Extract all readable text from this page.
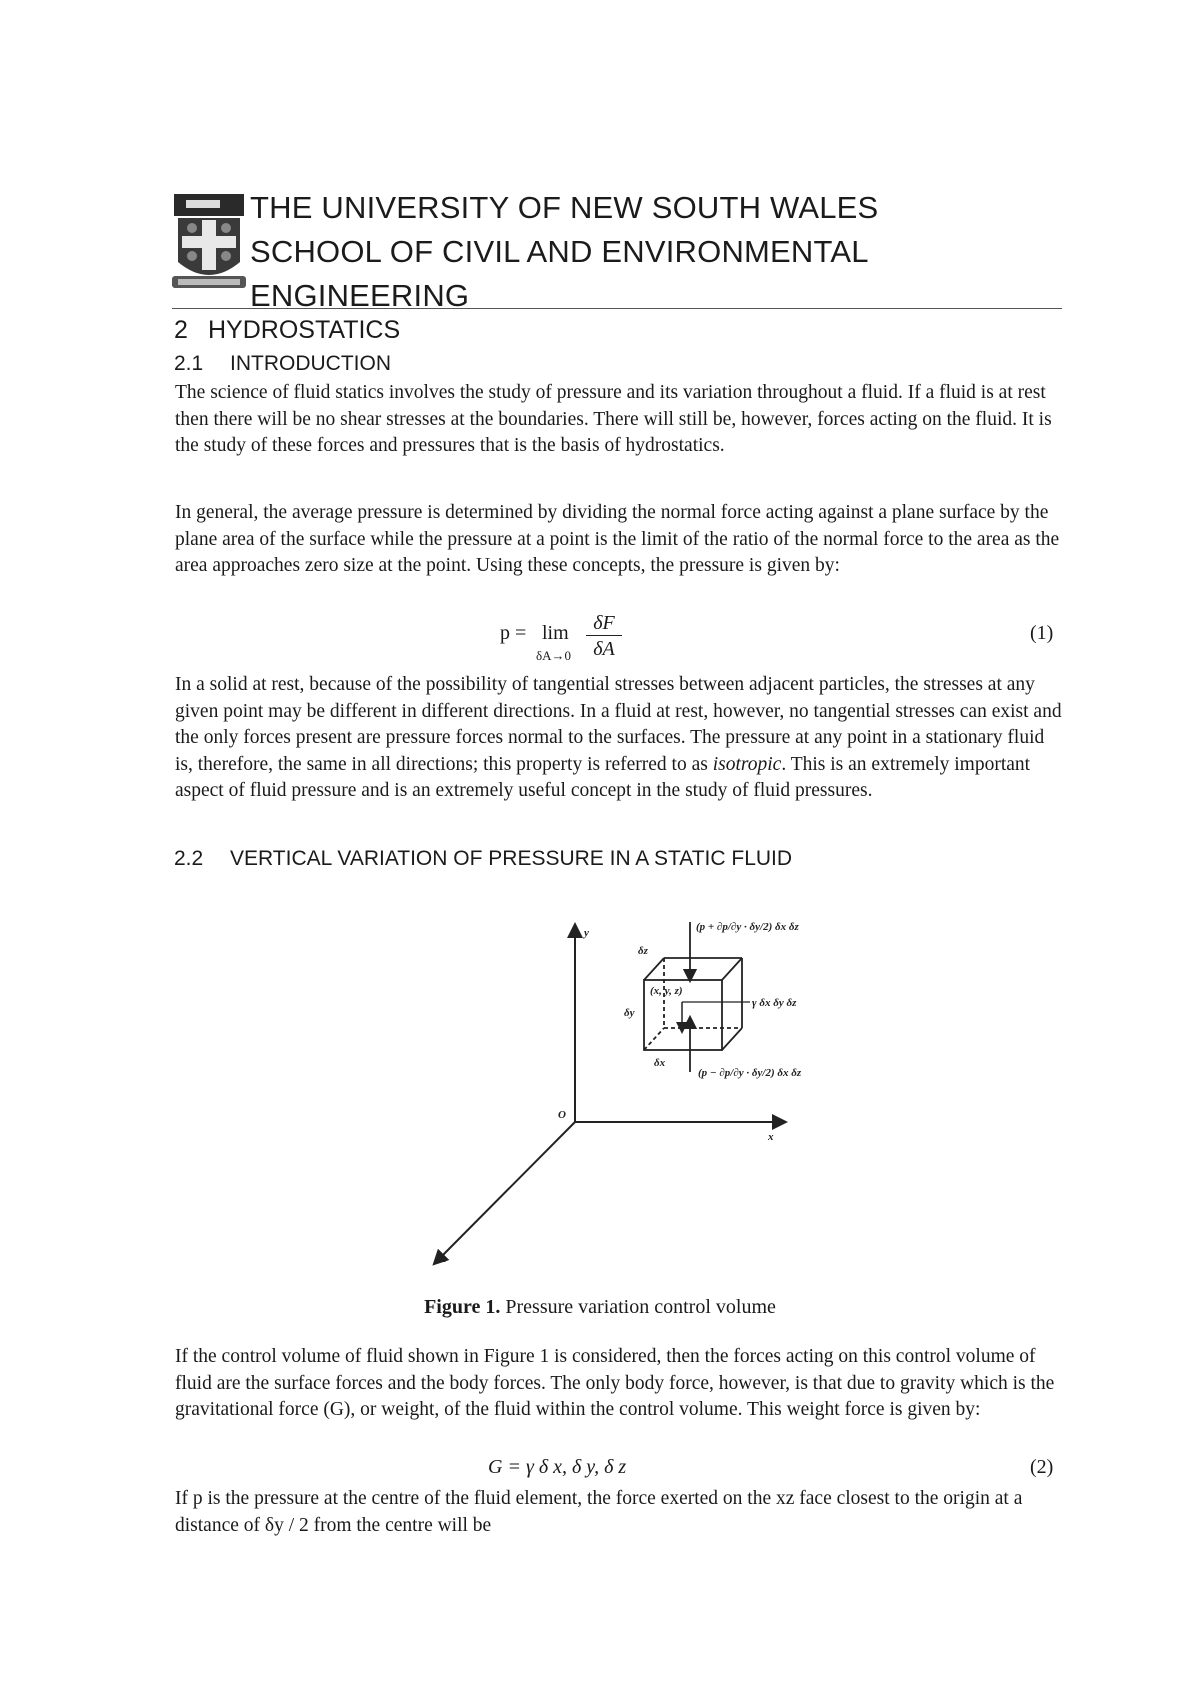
THE UNIVERSITY OF NEW SOUTH WALES
SCHOOL OF CIVIL AND ENVIRONMENTAL
ENGINEERING
2 HYDROSTATICS
2.1 INTRODUCTION
The science of fluid statics involves the study of pressure and its variation throughout a fluid. If a fluid is at rest then there will be no shear stresses at the boundaries. There will still be, however, forces acting on the fluid. It is the study of these forces and pressures that is the basis of hydrostatics.
In general, the average pressure is determined by dividing the normal force acting against a plane surface by the plane area of the surface while the pressure at a point is the limit of the ratio of the normal force to the area as the area approaches zero size at the point. Using these concepts, the pressure is given by:
p = lim
δA→0
δF
δA
(1)
In a solid at rest, because of the possibility of tangential stresses between adjacent particles, the stresses at any given point may be different in different directions. In a fluid at rest, however, no tangential stresses can exist and the only forces present are pressure forces normal to the surfaces. The pressure at any point in a stationary fluid is, therefore, the same in all directions; this property is referred to as isotropic. This is an extremely important aspect of fluid pressure and is an extremely useful concept in the study of fluid pressures.
2.2 VERTICAL VARIATION OF PRESSURE IN A STATIC FLUID
y
x
z
O
(p + ∂p/∂y · δy/2) δx δz
(p − ∂p/∂y · δy/2) δx δz
γ δx δy δz
δz
δy
δx
(x, y, z)
Figure 1. Pressure variation control volume
If the control volume of fluid shown in Figure 1 is considered, then the forces acting on this control volume of fluid are the surface forces and the body forces. The only body force, however, is that due to gravity which is the gravitational force (G), or weight, of the fluid within the control volume. This weight force is given by:
G = γ δ x, δ y, δ z	(2)
If p is the pressure at the centre of the fluid element, the force exerted on the xz face closest to the origin at a distance of δy / 2 from the centre will be
